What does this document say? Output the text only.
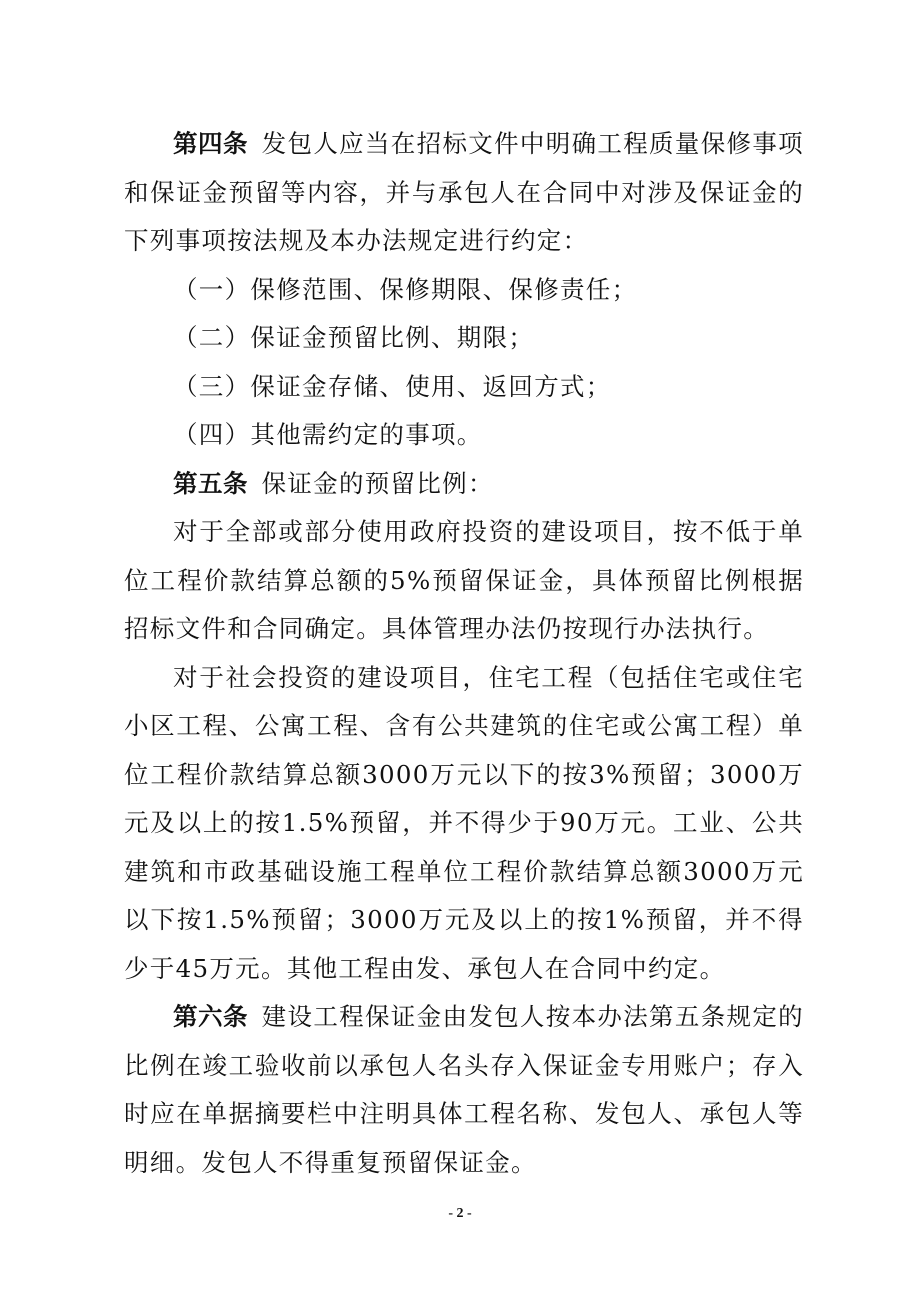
第四条  发包人应当在招标文件中明确工程质量保修事项和保证金预留等内容，并与承包人在合同中对涉及保证金的下列事项按法规及本办法规定进行约定：

（一）保修范围、保修期限、保修责任；

（二）保证金预留比例、期限；

（三）保证金存储、使用、返回方式；

（四）其他需约定的事项。

第五条  保证金的预留比例：

对于全部或部分使用政府投资的建设项目，按不低于单位工程价款结算总额的5%预留保证金，具体预留比例根据招标文件和合同确定。具体管理办法仍按现行办法执行。

对于社会投资的建设项目，住宅工程（包括住宅或住宅小区工程、公寓工程、含有公共建筑的住宅或公寓工程）单位工程价款结算总额3000万元以下的按3%预留；3000万元及以上的按1.5%预留，并不得少于90万元。工业、公共建筑和市政基础设施工程单位工程价款结算总额3000万元以下按1.5%预留；3000万元及以上的按1%预留，并不得少于45万元。其他工程由发、承包人在合同中约定。

第六条  建设工程保证金由发包人按本办法第五条规定的比例在竣工验收前以承包人名头存入保证金专用账户；存入时应在单据摘要栏中注明具体工程名称、发包人、承包人等明细。发包人不得重复预留保证金。

- 2 -
